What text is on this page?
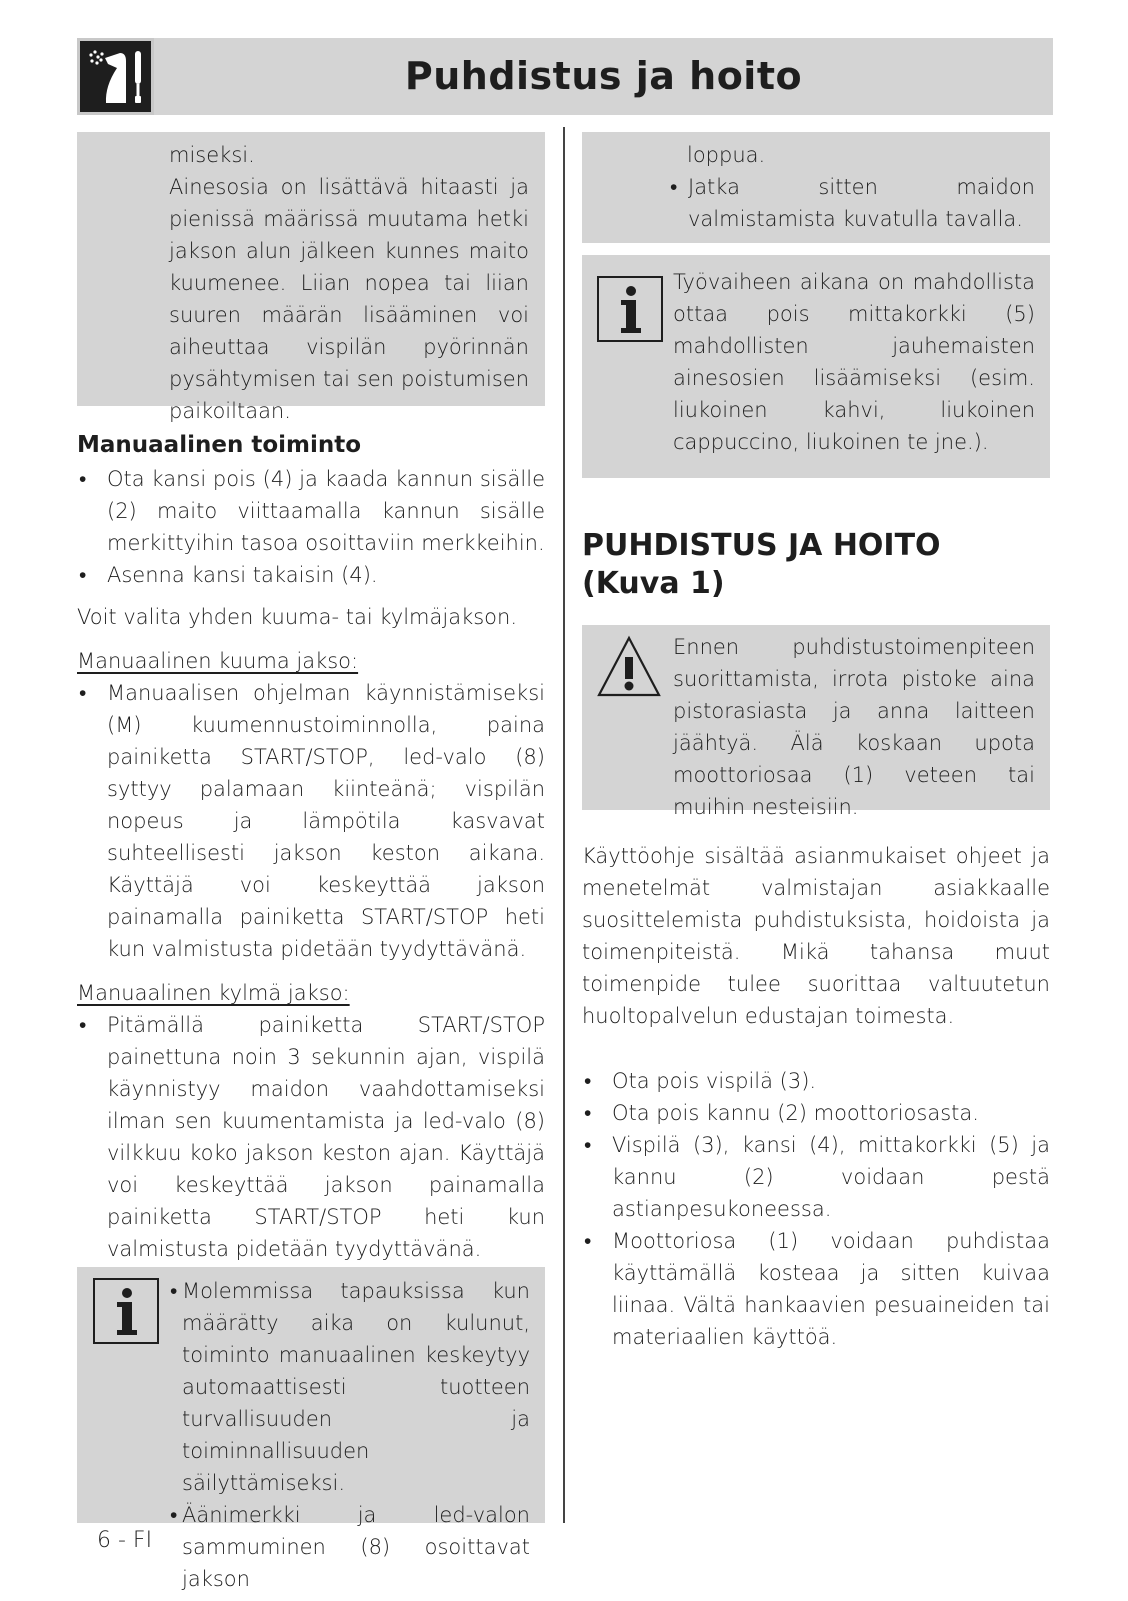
Puhdistus ja hoito

miseksi.

Ainesosia on lisättävä hitaasti ja pienissä määrissä muutama hetki jakson alun jälkeen kunnes maito kuumenee. Liian nopea tai liian suuren määrän lisääminen voi aiheuttaa vispilän pyörinnän pysähtymisen tai sen poistumisen paikoiltaan.

Manuaalinen toiminto
• Ota kansi pois (4) ja kaada kannun sisälle (2) maito viittaamalla kannun sisälle merkittyihin tasoa osoittaviin merkkeihin.
• Asenna kansi takaisin (4).

Voit valita yhden kuuma- tai kylmäjakson.

Manuaalinen kuuma jakso:

• Manuaalisen ohjelman käynnistämiseksi (M) kuumennustoiminnolla, paina painiketta START/STOP, led-valo (8) syttyy palamaan kiinteänä; vispilän nopeus ja lämpötila kasvavat suhteellisesti jakson keston aikana. Käyttäjä voi keskeyttää jakson painamalla painiketta START/STOP heti kun valmistusta pidetään tyydyttävänä.

Manuaalinen kylmä jakso:

• Pitämällä painiketta START/STOP painettuna noin 3 sekunnin ajan, vispilä käynnistyy maidon vaahdottamiseksi ilman sen kuumentamista ja led-valo (8) vilkkuu koko jakson keston ajan. Käyttäjä voi keskeyttää jakson painamalla painiketta START/STOP heti kun valmistusta pidetään tyydyttävänä.
• Molemmissa tapauksissa kun määrätty aika on kulunut, toiminto manuaalinen keskeytyy automaattisesti tuotteen turvallisuuden ja toiminnallisuuden säilyttämiseksi.
• Äänimerkki ja led-valon sammuminen (8) osoittavat jakson

loppua.

• Jatka sitten maidon valmistamista kuvatulla tavalla.

Työvaiheen aikana on mahdollista ottaa pois mittakorkki (5) mahdollisten jauhemaisten ainesosien lisäämiseksi (esim. liukoinen kahvi, liukoinen cappuccino, liukoinen te jne.).

PUHDISTUS JA HOITO
(Kuva 1)

Ennen puhdistustoimenpiteen suorittamista, irrota pistoke aina pistorasiasta ja anna laitteen jäähtyä. Älä koskaan upota moottoriosaa (1) veteen tai muihin nesteisiin.

Käyttöohje sisältää asianmukaiset ohjeet ja menetelmät valmistajan asiakkaalle suosittelemista puhdistuksista, hoidoista ja toimenpiteistä. Mikä tahansa muut toimenpide tulee suorittaa valtuutetun huoltopalvelun edustajan toimesta.

• Ota pois vispilä (3).
• Ota pois kannu (2) moottoriosasta.
• Vispilä (3), kansi (4), mittakorkki (5) ja kannu (2) voidaan pestä astianpesukoneessa.
• Moottoriosa (1) voidaan puhdistaa käyttämällä kosteaa ja sitten kuivaa liinaa. Vältä hankaavien pesuaineiden tai materiaalien käyttöä.
6 - FI
